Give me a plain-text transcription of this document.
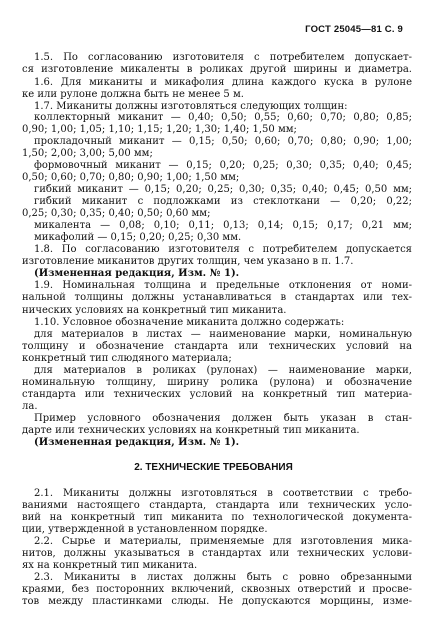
ГОСТ 25045—81 С. 9
1.5. По согласованию изготовителя с потребителем допускает-
ся изготовление микаленты в роликах другой ширины и диаметра.
1.6. Для миканиты и микафолия длина каждого куска в рулоне
ке или рулоне должна быть не менее 5 м.
1.7. Миканиты должны изготовляться следующих толщин:
коллекторный миканит — 0,40; 0,50; 0,55; 0,60; 0,70; 0,80; 0,85;
0,90; 1,00; 1,05; 1,10; 1,15; 1,20; 1,30; 1,40; 1,50 мм;
прокладочный миканит — 0,15; 0,50; 0,60; 0,70; 0,80; 0,90; 1,00;
1,50; 2,00; 3,00; 5,00 мм;
формовочный миканит — 0,15; 0,20; 0,25; 0,30; 0,35; 0,40; 0,45;
0,50; 0,60; 0,70; 0,80; 0,90; 1,00; 1,50 мм;
гибкий миканит — 0,15; 0,20; 0,25; 0,30; 0,35; 0,40; 0,45; 0,50 мм;
гибкий миканит с подложками из стеклоткани — 0,20; 0,22;
0,25; 0,30; 0,35; 0,40; 0,50; 0,60 мм;
микалента — 0,08; 0,10; 0,11; 0,13; 0,14; 0,15; 0,17; 0,21 мм;
микафолий — 0,15; 0,20; 0,25; 0,30 мм.
1.8. По согласованию изготовителя с потребителем допускается
изготовление миканитов других толщин, чем указано в п. 1.7.
(Измененная редакция, Изм. № 1).
1.9. Номинальная толщина и предельные отклонения от номи-
нальной толщины должны устанавливаться в стандартах или тех-
нических условиях на конкретный тип миканита.
1.10. Условное обозначение миканита должно содержать:
для материалов в листах — наименование марки, номинальную
толщину и обозначение стандарта или технических условий на
конкретный тип слюдяного материала;
для материалов в роликах (рулонах) — наименование марки,
номинальную толщину, ширину ролика (рулона) и обозначение
стандарта или технических условий на конкретный тип материа-
ла.
Пример условного обозначения должен быть указан в стан-
дарте или технических условиях на конкретный тип миканита.
(Измененная редакция, Изм. № 1).
2.1. Миканиты должны изготовляться в соответствии с требо-
ваниями настоящего стандарта, стандарта или технических усло-
вий на конкретный тип миканита по технологической документа-
ции, утвержденной в установленном порядке.
2.2. Сырье и материалы, применяемые для изготовления мика-
нитов, должны указываться в стандартах или технических услови-
ях на конкретный тип миканита.
2.3. Миканиты в листах должны быть с ровно обрезанными
краями, без посторонних включений, сквозных отверстий и просве-
тов между пластинками слюды. Не допускаются морщины, изме-
2. ТЕХНИЧЕСКИЕ ТРЕБОВАНИЯ
